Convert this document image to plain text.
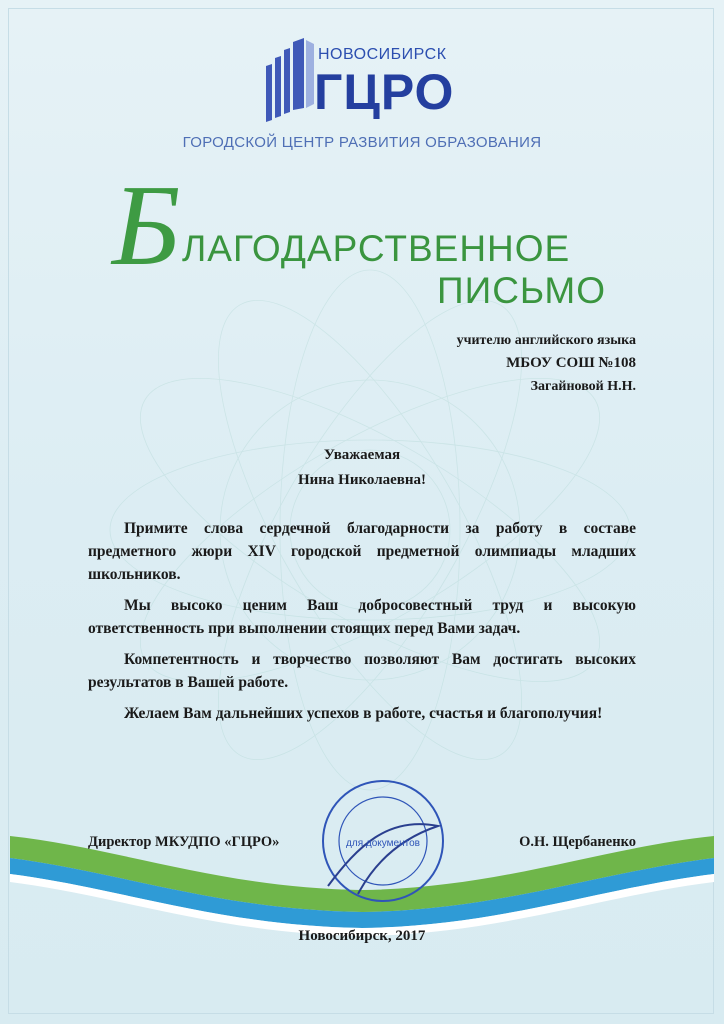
НОВОСИБИРСК
ГЦРО
ГОРОДСКОЙ ЦЕНТР РАЗВИТИЯ ОБРАЗОВАНИЯ
Б ЛАГОДАРСТВЕННОЕ
ПИСЬМО
учителю английского языка
МБОУ СОШ №108
Загайновой Н.Н.
Уважаемая
Нина Николаевна!

Примите слова сердечной благодарности за работу в составе предметного жюри XIV городской предметной олимпиады младших школьников.

Мы высоко ценим Ваш добросовестный труд и высокую ответственность при выполнении стоящих перед Вами задач.

Компетентность и творчество позволяют Вам достигать высоких результатов в Вашей работе.

Желаем Вам дальнейших успехов в работе, счастья и благополучия!

для документов
Директор МКУДПО «ГЦРО»	О.Н. Щербаненко
Новосибирск, 2017
